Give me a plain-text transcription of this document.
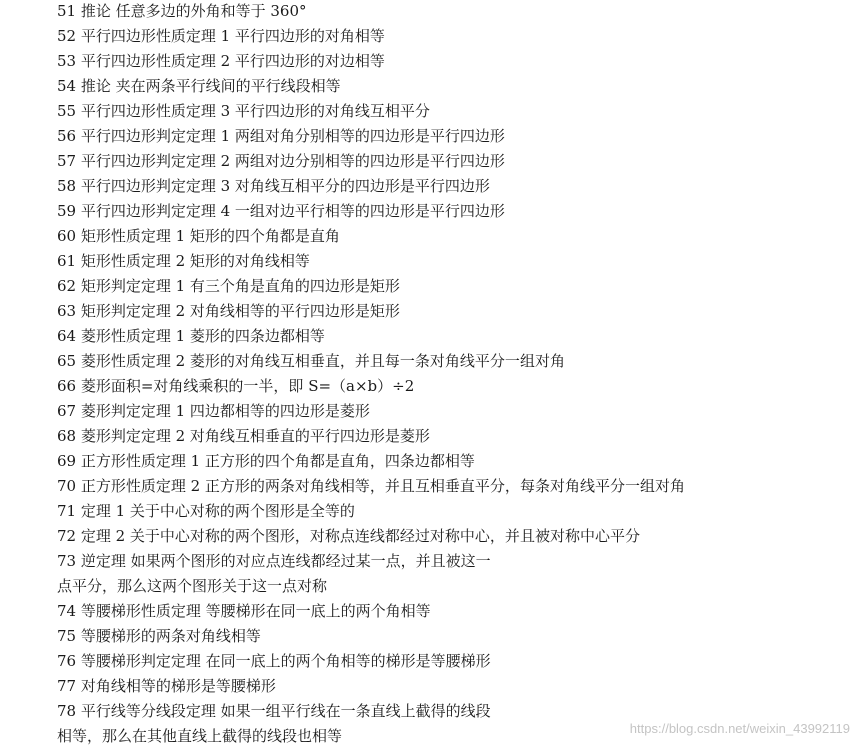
51 推论 任意多边的外角和等于 360°
52 平行四边形性质定理 1 平行四边形的对角相等
53 平行四边形性质定理 2 平行四边形的对边相等
54 推论 夹在两条平行线间的平行线段相等
55 平行四边形性质定理 3 平行四边形的对角线互相平分
56 平行四边形判定定理 1 两组对角分别相等的四边形是平行四边形
57 平行四边形判定定理 2 两组对边分别相等的四边形是平行四边形
58 平行四边形判定定理 3 对角线互相平分的四边形是平行四边形
59 平行四边形判定定理 4 一组对边平行相等的四边形是平行四边形
60 矩形性质定理 1 矩形的四个角都是直角
61 矩形性质定理 2 矩形的对角线相等
62 矩形判定定理 1 有三个角是直角的四边形是矩形
63 矩形判定定理 2 对角线相等的平行四边形是矩形
64 菱形性质定理 1 菱形的四条边都相等
65 菱形性质定理 2 菱形的对角线互相垂直，并且每一条对角线平分一组对角
66 菱形面积=对角线乘积的一半，即 S=（a×b）÷2
67 菱形判定定理 1 四边都相等的四边形是菱形
68 菱形判定定理 2 对角线互相垂直的平行四边形是菱形
69 正方形性质定理 1 正方形的四个角都是直角，四条边都相等
70 正方形性质定理 2 正方形的两条对角线相等，并且互相垂直平分，每条对角线平分一组对角
71 定理 1 关于中心对称的两个图形是全等的
72 定理 2 关于中心对称的两个图形，对称点连线都经过对称中心，并且被对称中心平分
73 逆定理 如果两个图形的对应点连线都经过某一点，并且被这一
点平分，那么这两个图形关于这一点对称
74 等腰梯形性质定理 等腰梯形在同一底上的两个角相等
75 等腰梯形的两条对角线相等
76 等腰梯形判定定理 在同一底上的两个角相等的梯形是等腰梯形
77 对角线相等的梯形是等腰梯形
78 平行线等分线段定理 如果一组平行线在一条直线上截得的线段
相等，那么在其他直线上截得的线段也相等	https://blog.csdn.net/weixin_43992119
